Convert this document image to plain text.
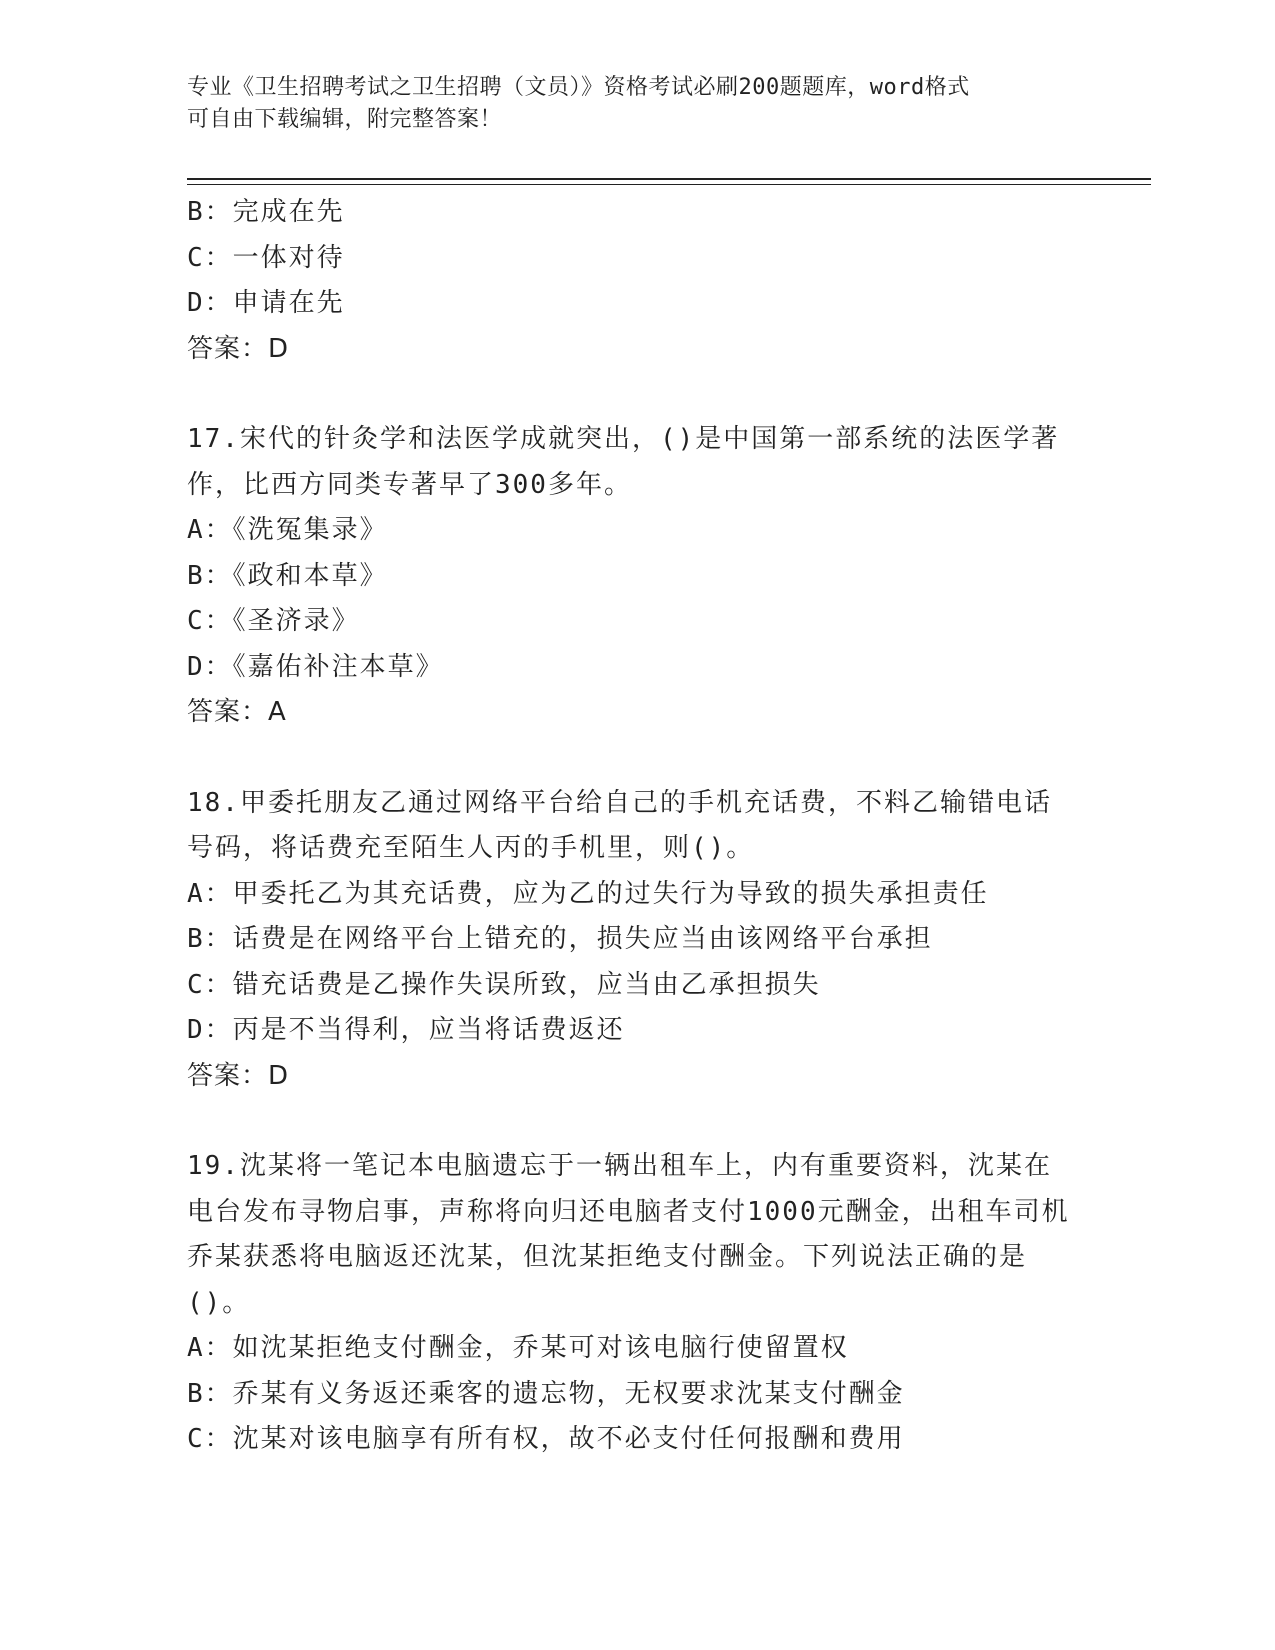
专业《卫生招聘考试之卫生招聘（文员）》资格考试必刷200题题库，word格式
可自由下载编辑，附完整答案！
B：完成在先
C：一体对待
D：申请在先
答案：D
17.宋代的针灸学和法医学成就突出，()是中国第一部系统的法医学著作，比西方同类专著早了300多年。
A：《洗冤集录》
B：《政和本草》
C：《圣济录》
D：《嘉佑补注本草》
答案：A
18.甲委托朋友乙通过网络平台给自己的手机充话费，不料乙输错电话号码，将话费充至陌生人丙的手机里，则()。
A：甲委托乙为其充话费，应为乙的过失行为导致的损失承担责任
B：话费是在网络平台上错充的，损失应当由该网络平台承担
C：错充话费是乙操作失误所致，应当由乙承担损失
D：丙是不当得利，应当将话费返还
答案：D
19.沈某将一笔记本电脑遗忘于一辆出租车上，内有重要资料，沈某在电台发布寻物启事，声称将向归还电脑者支付1000元酬金，出租车司机乔某获悉将电脑返还沈某，但沈某拒绝支付酬金。下列说法正确的是()。
A：如沈某拒绝支付酬金，乔某可对该电脑行使留置权
B：乔某有义务返还乘客的遗忘物，无权要求沈某支付酬金
C：沈某对该电脑享有所有权，故不必支付任何报酬和费用
